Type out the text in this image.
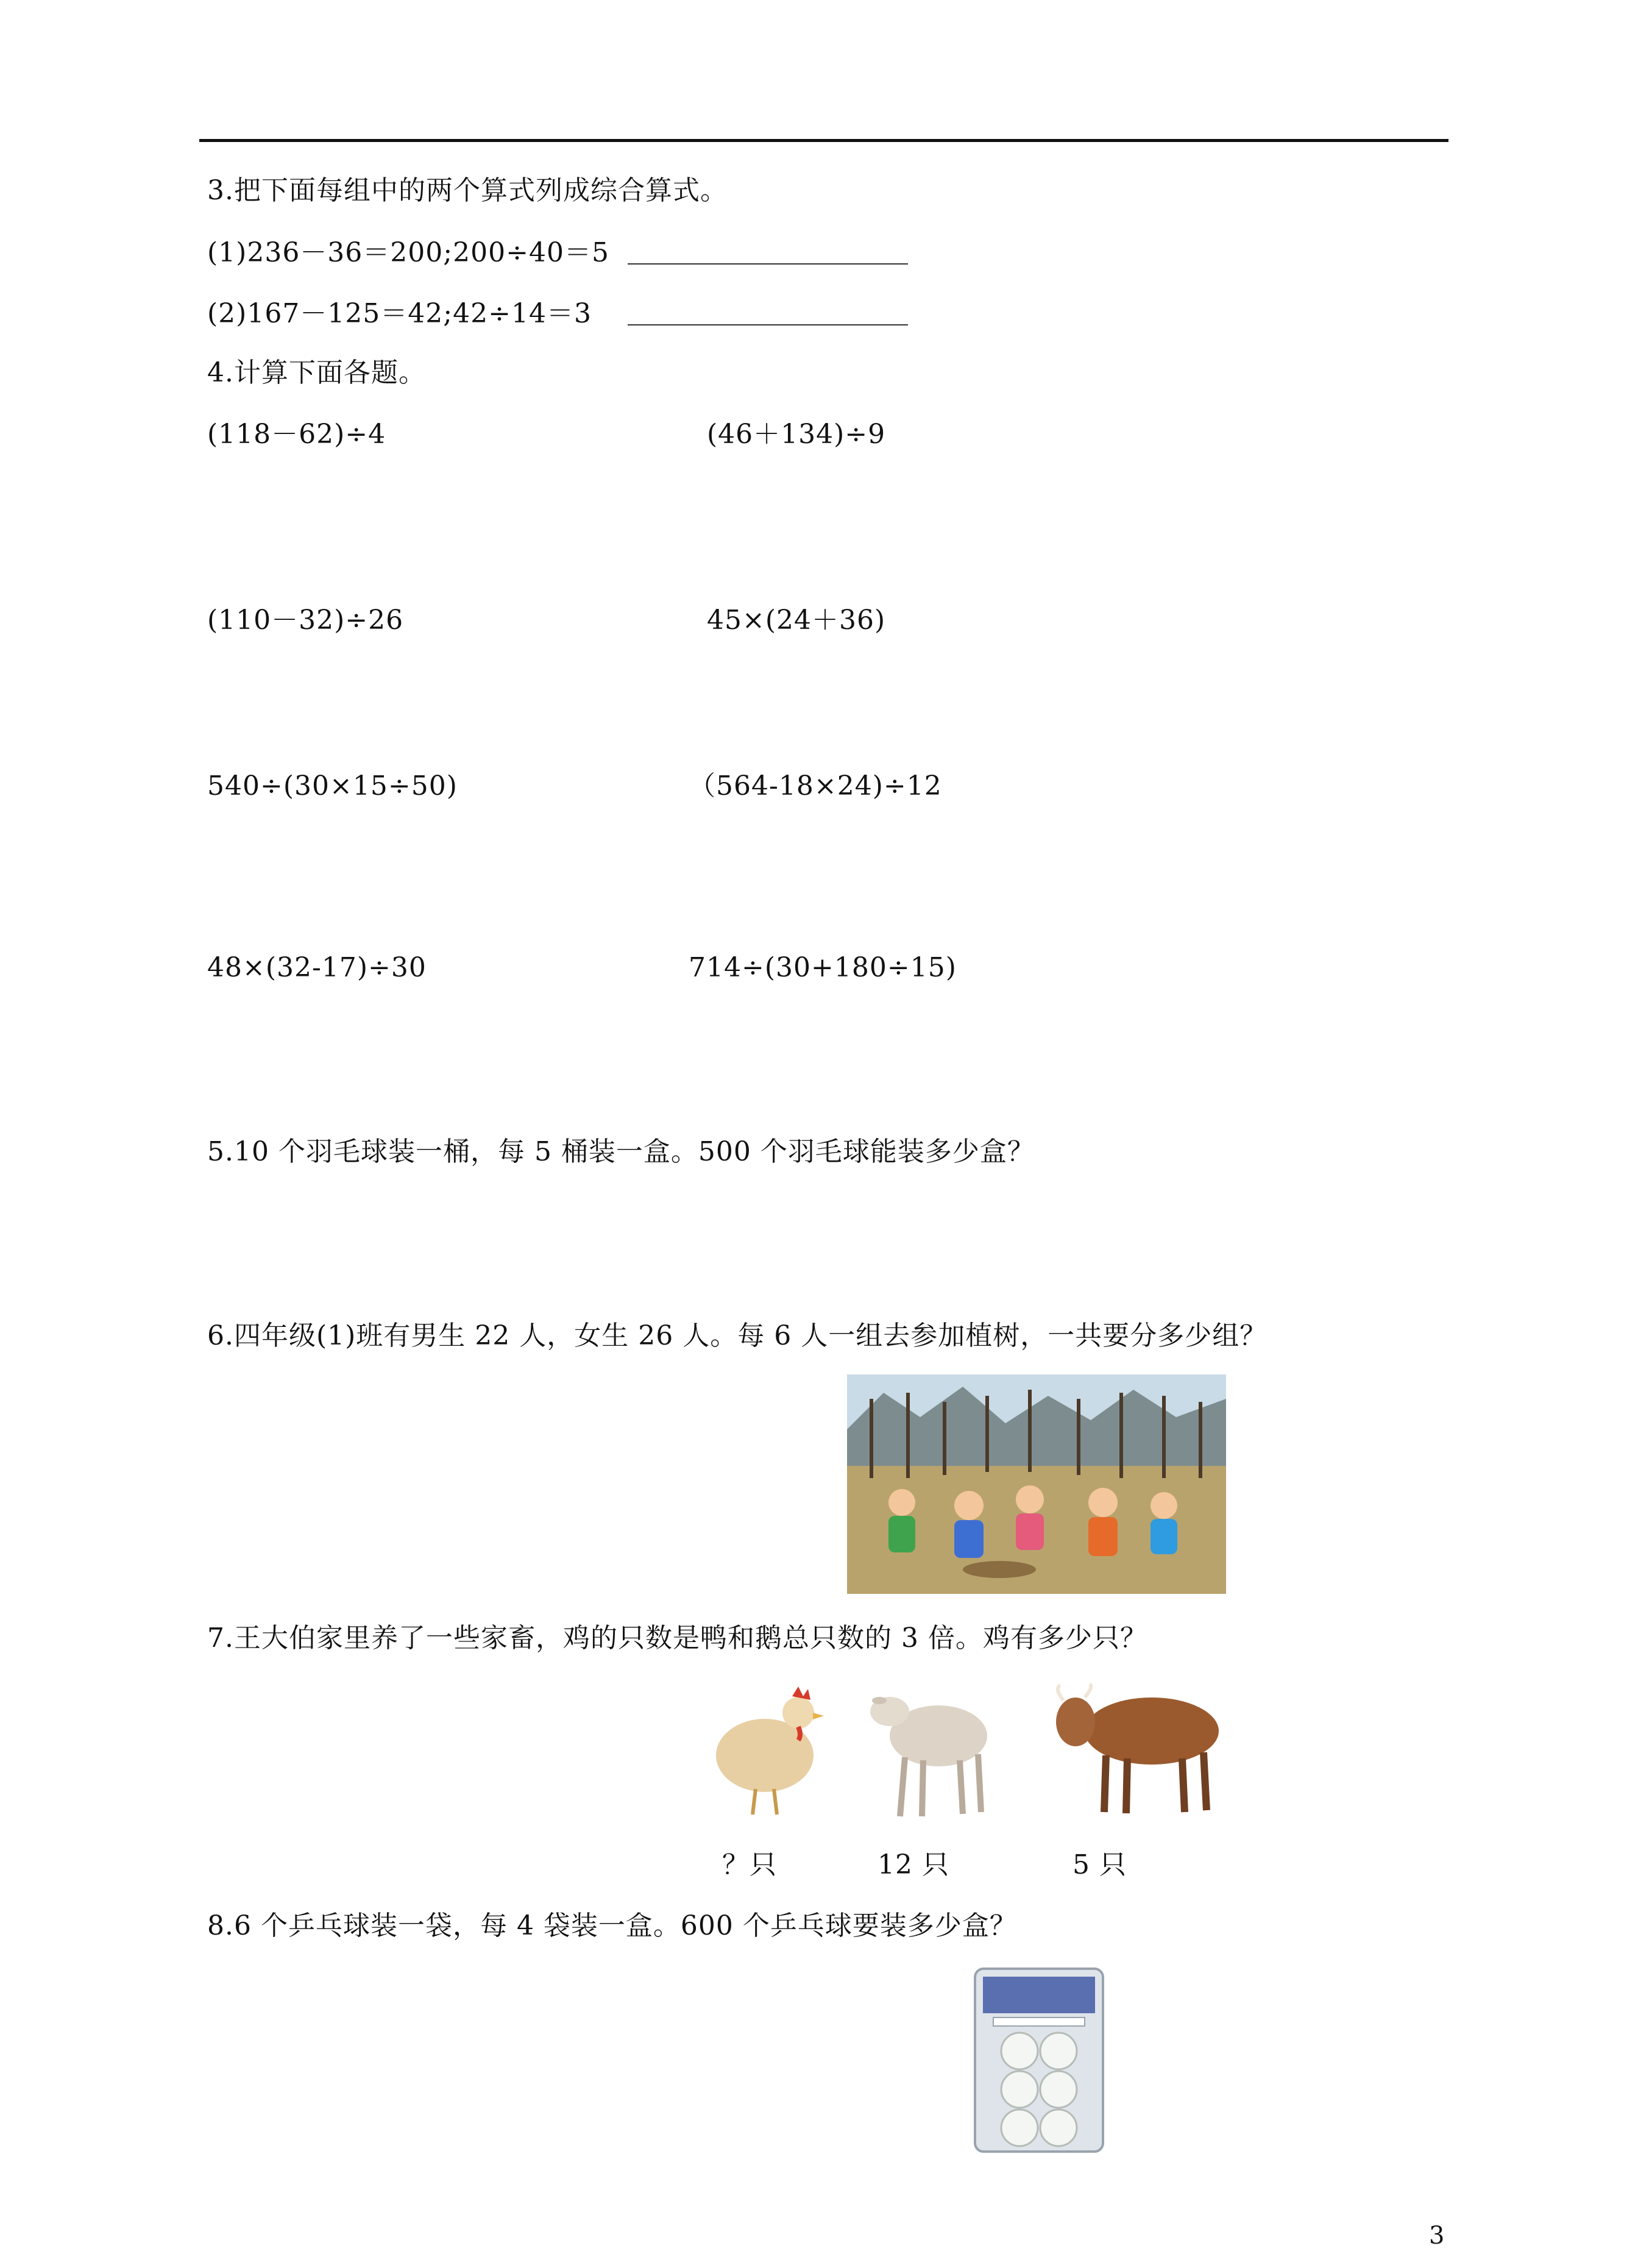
3.把下面每组中的两个算式列成综合算式。
(1)236－36＝200;200÷40＝5
(2)167－125＝42;42÷14＝3
4.计算下面各题。
(118－62)÷4	(46＋134)÷9
(110－32)÷26	45×(24＋36)
540÷(30×15÷50)	（564-18×24)÷12
48×(32-17)÷30	714÷(30+180÷15)
5.10 个羽毛球装一桶，每 5 桶装一盒。500 个羽毛球能装多少盒？
6.四年级(1)班有男生 22 人，女生 26 人。每 6 人一组去参加植树，一共要分多少组？
7.王大伯家里养了一些家畜，鸡的只数是鸭和鹅总只数的 3 倍。鸡有多少只？
？只	12 只	5 只
8.6 个乒乓球装一袋，每 4 袋装一盒。600 个乒乓球要装多少盒？
3
